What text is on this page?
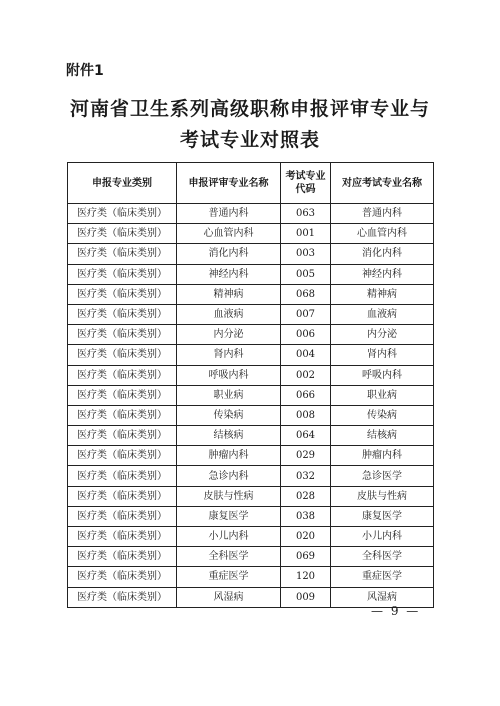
附件1
河南省卫生系列高级职称申报评审专业与
考试专业对照表
申报专业类别	申报评审专业名称	考试专业代码	对应考试专业名称
医疗类（临床类别）	普通内科	063	普通内科
医疗类（临床类别）	心血管内科	001	心血管内科
医疗类（临床类别）	消化内科	003	消化内科
医疗类（临床类别）	神经内科	005	神经内科
医疗类（临床类别）	精神病	068	精神病
医疗类（临床类别）	血液病	007	血液病
医疗类（临床类别）	内分泌	006	内分泌
医疗类（临床类别）	肾内科	004	肾内科
医疗类（临床类别）	呼吸内科	002	呼吸内科
医疗类（临床类别）	职业病	066	职业病
医疗类（临床类别）	传染病	008	传染病
医疗类（临床类别）	结核病	064	结核病
医疗类（临床类别）	肿瘤内科	029	肿瘤内科
医疗类（临床类别）	急诊内科	032	急诊医学
医疗类（临床类别）	皮肤与性病	028	皮肤与性病
医疗类（临床类别）	康复医学	038	康复医学
医疗类（临床类别）	小儿内科	020	小儿内科
医疗类（临床类别）	全科医学	069	全科医学
医疗类（临床类别）	重症医学	120	重症医学
医疗类（临床类别）	风湿病	009	风湿病
— 9 —
